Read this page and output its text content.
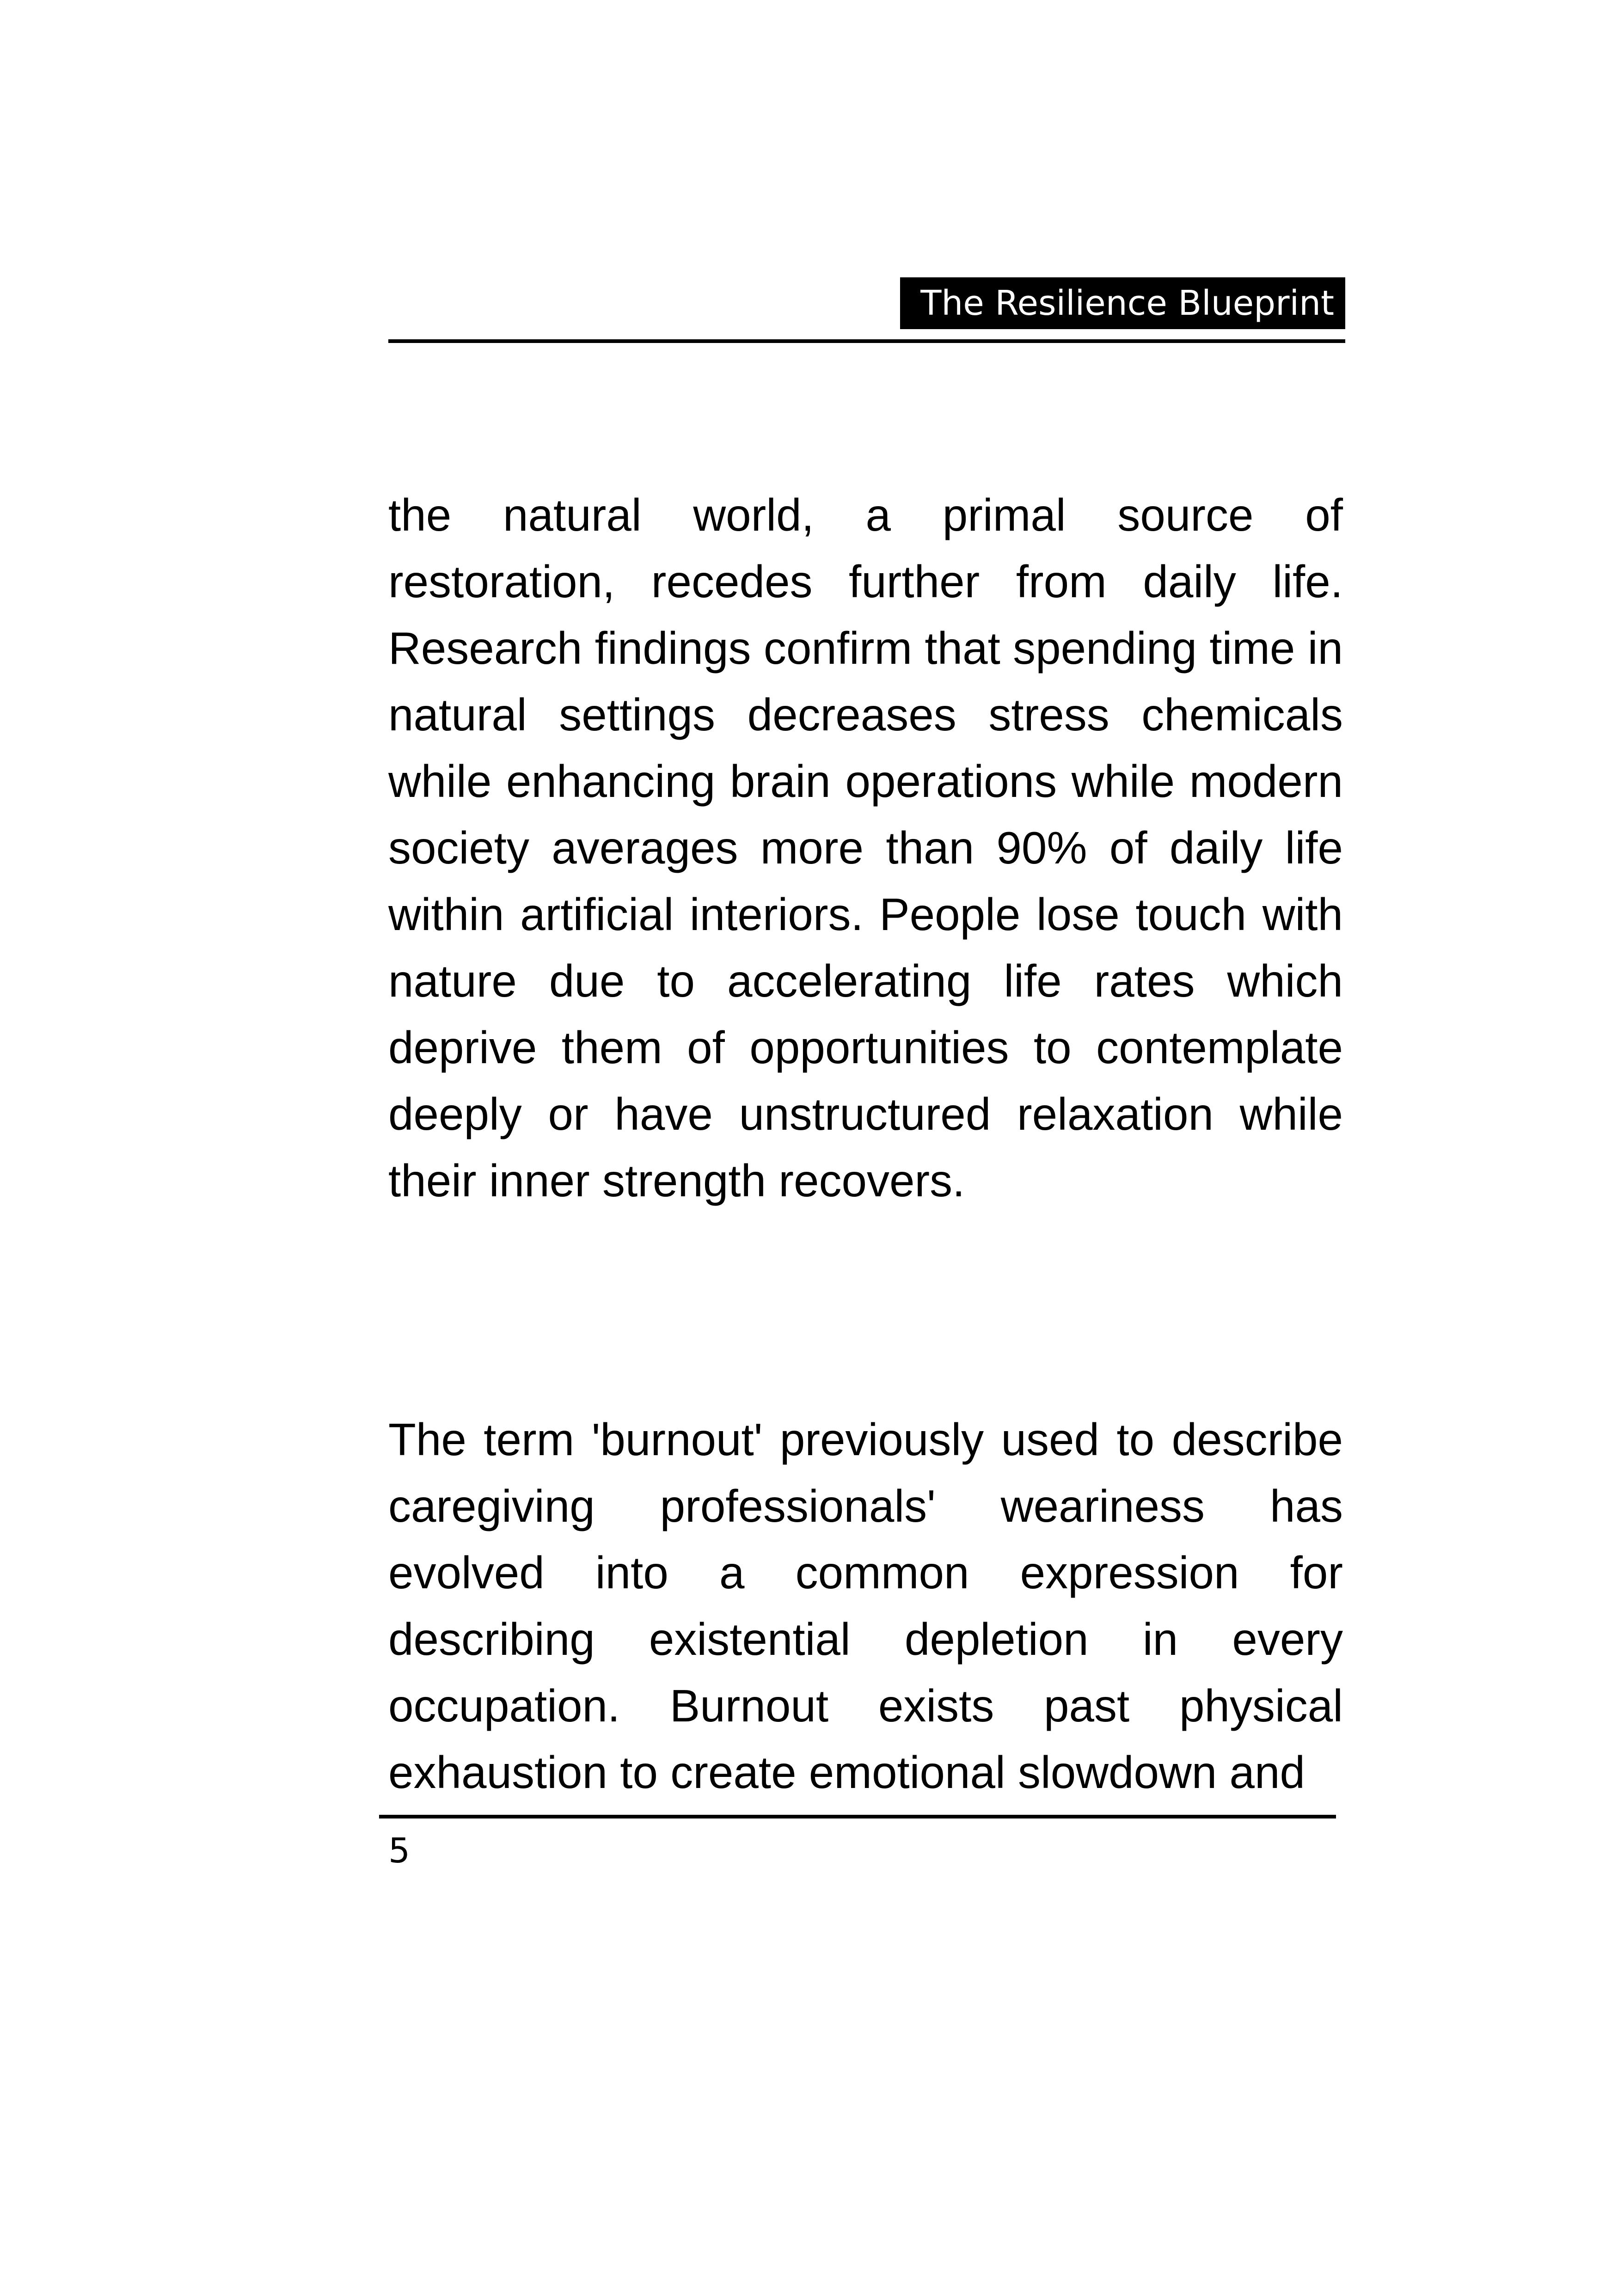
The Resilience Blueprint

the natural world, a primal source of restoration, recedes further from daily life. Research findings confirm that spending time in natural settings decreases stress chemicals while enhancing brain operations while modern society averages more than 90% of daily life within artificial interiors. People lose touch with nature due to accelerating life rates which deprive them of opportunities to contemplate deeply or have unstructured relaxation while their inner strength recovers.

The term 'burnout' previously used to describe caregiving professionals' weariness has evolved into a common expression for describing existential depletion in every occupation. Burnout exists past physical exhaustion to create emotional slowdown and

5
